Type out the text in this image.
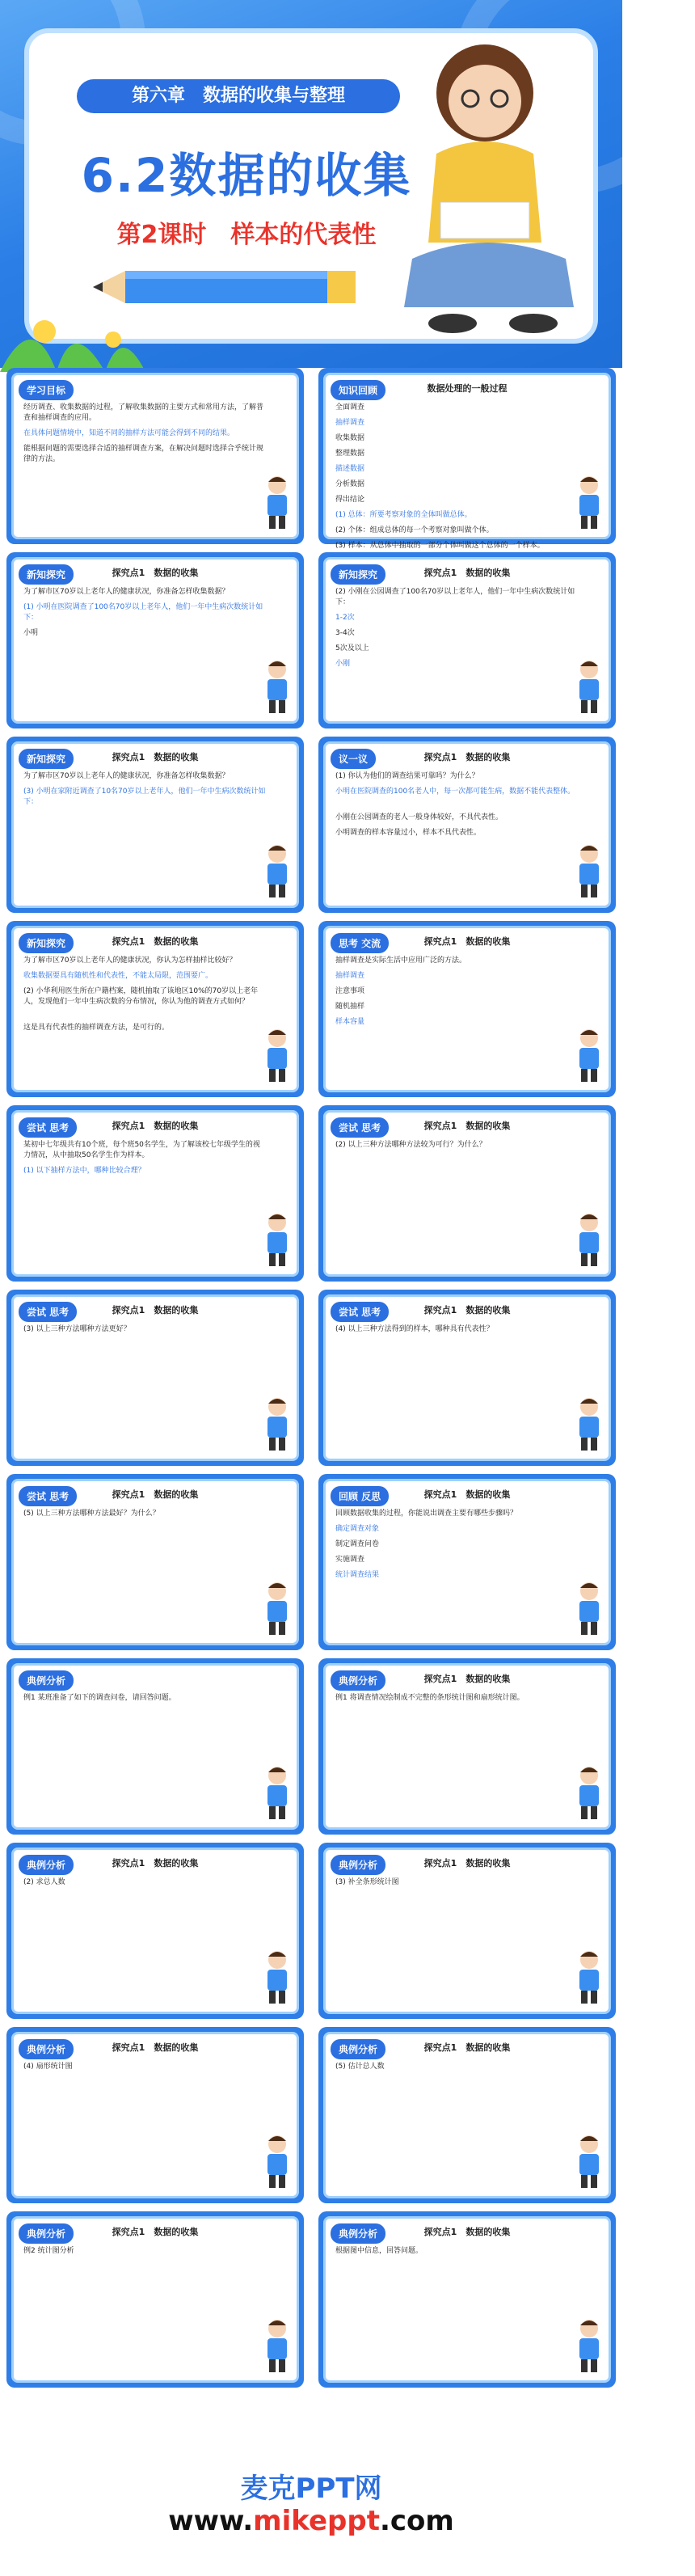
第六章　数据的收集与整理
6.2数据的收集
第2课时　样本的代表性
学习目标
经历调查、收集数据的过程，了解收集数据的主要方式和常用方法，了解普查和抽样调查的应用。
在具体问题情境中，知道不同的抽样方法可能会得到不同的结果。
能根据问题的需要选择合适的抽样调查方案，在解决问题时选择合乎统计规律的方法。
知识回顾	数据处理的一般过程
全面调查
抽样调查
收集数据
整理数据
描述数据
分析数据
得出结论
(1) 总体：所要考察对象的全体叫做总体。
(2) 个体：组成总体的每一个考察对象叫做个体。
(3) 样本：从总体中抽取的一部分个体叫做这个总体的一个样本。
新知探究	探究点1　数据的收集
为了解市区70岁以上老年人的健康状况，你准备怎样收集数据？
(1) 小明在医院调查了100名70岁以上老年人，他们一年中生病次数统计如下：
小明
新知探究	探究点1　数据的收集
(2) 小刚在公园调查了100名70岁以上老年人，他们一年中生病次数统计如下：
1-2次
3-4次
5次及以上
小刚
新知探究	探究点1　数据的收集
为了解市区70岁以上老年人的健康状况，你准备怎样收集数据？
(3) 小明在家附近调查了10名70岁以上老年人，他们一年中生病次数统计如下：
议一议	探究点1　数据的收集
(1) 你认为他们的调查结果可靠吗？为什么？
小明在医院调查的100名老人中，每一次都可能生病，数据不能代表整体。
小刚在公园调查的老人一般身体较好，不具代表性。
小明调查的样本容量过小，样本不具代表性。
新知探究	探究点1　数据的收集
为了解市区70岁以上老年人的健康状况，你认为怎样抽样比较好？
收集数据要具有随机性和代表性，不能太局限，范围要广。
(2) 小华利用医生所在户籍档案，随机抽取了该地区10%的70岁以上老年人，发现他们一年中生病次数的分布情况，你认为他的调查方式如何？
这是具有代表性的抽样调查方法，是可行的。
思考 交流	探究点1　数据的收集
抽样调查是实际生活中应用广泛的方法。
抽样调查
注意事项
随机抽样
样本容量
尝试 思考	探究点1　数据的收集
某初中七年级共有10个班，每个班50名学生，为了解该校七年级学生的视力情况，从中抽取50名学生作为样本。
(1) 以下抽样方法中，哪种比较合理？
尝试 思考	探究点1　数据的收集
(2) 以上三种方法哪种方法较为可行？为什么？
尝试 思考	探究点1　数据的收集
(3) 以上三种方法哪种方法更好？
尝试 思考	探究点1　数据的收集
(4) 以上三种方法得到的样本，哪种具有代表性？
尝试 思考	探究点1　数据的收集
(5) 以上三种方法哪种方法最好？为什么？
回顾 反思	探究点1　数据的收集
回顾数据收集的过程，你能说出调查主要有哪些步骤吗？
确定调查对象
制定调查问卷
实施调查
统计调查结果
典例分析
例1 某班准备了如下的调查问卷，请回答问题。
典例分析	探究点1　数据的收集
例1 将调查情况绘制成不完整的条形统计图和扇形统计图。
典例分析	探究点1　数据的收集
(2) 求总人数
典例分析	探究点1　数据的收集
(3) 补全条形统计图
典例分析	探究点1　数据的收集
(4) 扇形统计图
典例分析	探究点1　数据的收集
(5) 估计总人数
典例分析	探究点1　数据的收集
例2 统计图分析
典例分析	探究点1　数据的收集
根据图中信息，回答问题。
麦克PPT网
www.mikeppt.com
